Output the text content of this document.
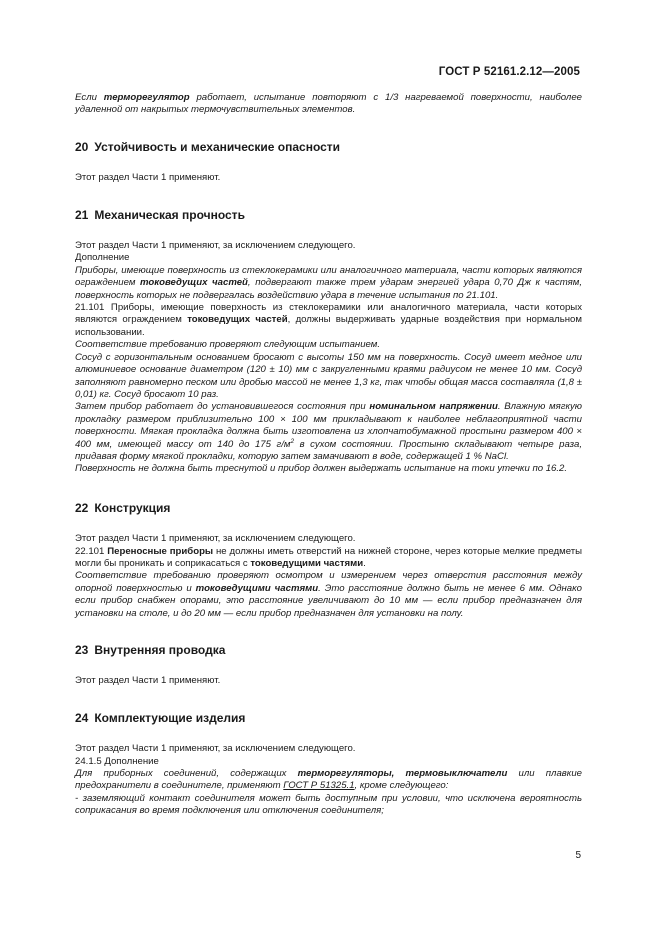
ГОСТ Р 52161.2.12—2005

Если терморегулятор работает, испытание повторяют с 1/3 нагреваемой поверхности, наиболее удаленной от накрытых термочувствительных элементов.

20 Устойчивость и механические опасности

Этот раздел Части 1 применяют.

21 Механическая прочность

Этот раздел Части 1 применяют, за исключением следующего.

Дополнение

Приборы, имеющие поверхность из стеклокерамики или аналогичного материала, части которых являются ограждением токоведущих частей, подвергают также трем ударам энергией удара 0,70 Дж к частям, поверхность которых не подвергалась воздействию удара в течение испытания по 21.101.

21.101 Приборы, имеющие поверхность из стеклокерамики или аналогичного материала, части которых являются ограждением токоведущих частей, должны выдерживать ударные воздействия при нормальном использовании.

Соответствие требованию проверяют следующим испытанием.

Сосуд с горизонтальным основанием бросают с высоты 150 мм на поверхность. Сосуд имеет медное или алюминиевое основание диаметром (120 ± 10) мм с закругленными краями радиусом не менее 10 мм. Сосуд заполняют равномерно песком или дробью массой не менее 1,3 кг, так чтобы общая масса составляла (1,8 ± 0,01) кг. Сосуд бросают 10 раз.

Затем прибор работает до установившегося состояния при номинальном напряжении. Влажную мягкую прокладку размером приблизительно 100 × 100 мм прикладывают к наиболее неблагоприятной части поверхности. Мягкая прокладка должна быть изготовлена из хлопчатобумажной простыни размером 400 × 400 мм, имеющей массу от 140 до 175 $г/м^2$ в сухом состоянии. Простыню складывают четыре раза, придавая форму мягкой прокладки, которую затем замачивают в воде, содержащей 1 % NaCl.

Поверхность не должна быть треснутой и прибор должен выдержать испытание на токи утечки по 16.2.

22 Конструкция

Этот раздел Части 1 применяют, за исключением следующего.

22.101 Переносные приборы не должны иметь отверстий на нижней стороне, через которые мелкие предметы могли бы проникать и соприкасаться с токоведущими частями.

Соответствие требованию проверяют осмотром и измерением через отверстия расстояния между опорной поверхностью и токоведущими частями. Это расстояние должно быть не менее 6 мм. Однако если прибор снабжен опорами, это расстояние увеличивают до 10 мм — если прибор предназначен для установки на столе, и до 20 мм — если прибор предназначен для установки на полу.

23 Внутренняя проводка

Этот раздел Части 1 применяют.

24 Комплектующие изделия

Этот раздел Части 1 применяют, за исключением следующего.

24.1.5 Дополнение

Для приборных соединений, содержащих терморегуляторы, термовыключатели или плавкие предохранители в соединителе, применяют ГОСТ Р 51325.1, кроме следующего:

- заземляющий контакт соединителя может быть доступным при условии, что исключена вероятность соприкасания во время подключения или отключения соединителя;

5
